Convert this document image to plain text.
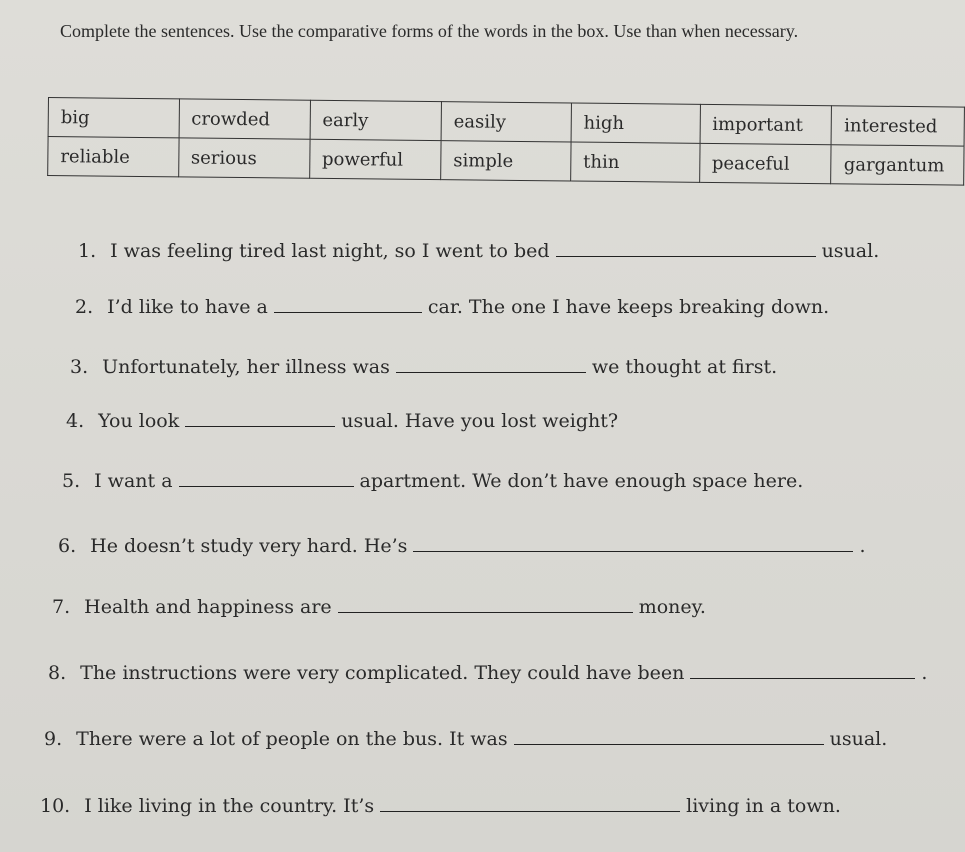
Complete the sentences. Use the comparative forms of the words in the box. Use than when necessary.
big	crowded	early	easily	high	important	interested
reliable	serious	powerful	simple	thin	peaceful	gargantum
1. I was feeling tired last night, so I went to bed	usual.
2. I’d like to have a	car. The one I have keeps breaking down.
3. Unfortunately, her illness was	we thought at first.
4. You look	usual. Have you lost weight?
5. I want a	apartment. We don’t have enough space here.
6. He doesn’t study very hard. He’s	.
7. Health and happiness are	money.
8. The instructions were very complicated. They could have been	.
9. There were a lot of people on the bus. It was	usual.
10. I like living in the country. It’s	living in a town.
